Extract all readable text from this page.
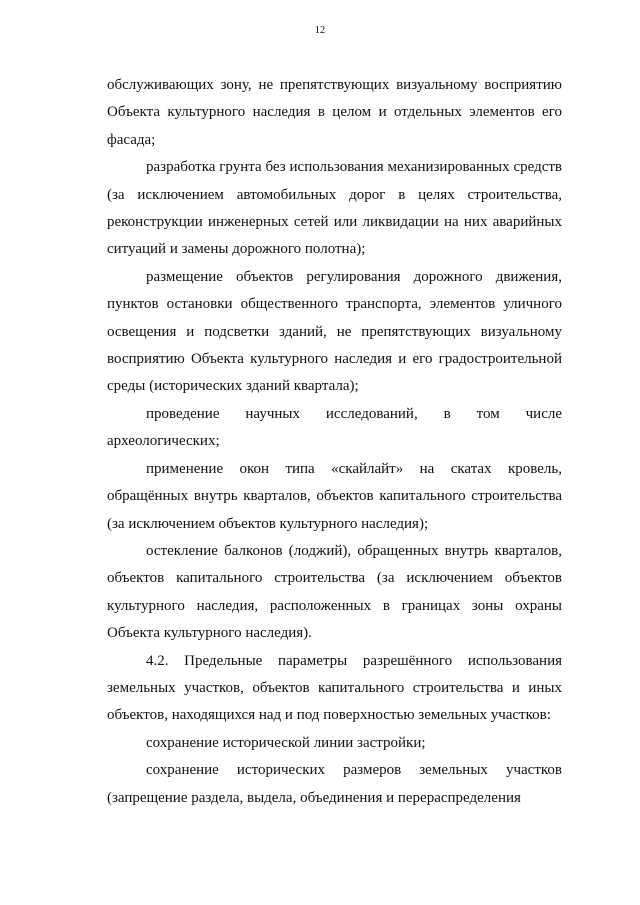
12

обслуживающих зону, не препятствующих визуальному восприятию Объекта культурного наследия в целом и отдельных элементов его фасада;

разработка грунта без использования механизированных средств (за исключением автомобильных дорог в целях строительства, реконструкции инженерных сетей или ликвидации на них аварийных ситуаций и замены дорожного полотна);

размещение объектов регулирования дорожного движения, пунктов остановки общественного транспорта, элементов уличного освещения и подсветки зданий, не препятствующих визуальному восприятию Объекта культурного наследия и его градостроительной среды (исторических зданий квартала);

проведение научных исследований, в том числе археологических;

применение окон типа «скайлайт» на скатах кровель, обращённых внутрь кварталов, объектов капитального строительства (за исключением объектов культурного наследия);

остекление балконов (лоджий), обращенных внутрь кварталов, объектов капитального строительства (за исключением объектов культурного наследия, расположенных в границах зоны охраны Объекта культурного наследия).

4.2. Предельные параметры разрешённого использования земельных участков, объектов капитального строительства и иных объектов, находящихся над и под поверхностью земельных участков:

сохранение исторической линии застройки;

сохранение исторических размеров земельных участков (запрещение раздела, выдела, объединения и перераспределения
